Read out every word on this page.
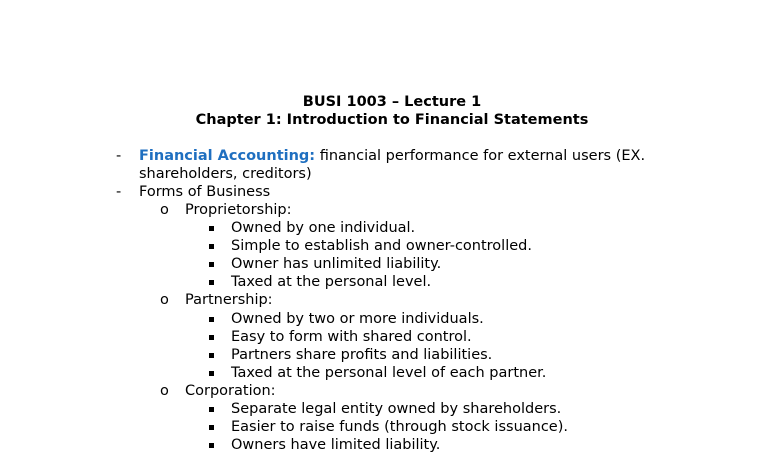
BUSI 1003 – Lecture 1
Chapter 1: Introduction to Financial Statements
- Financial Accounting: financial performance for external users (EX.
shareholders, creditors)
- Forms of Business
o Proprietorship:
Owned by one individual.
Simple to establish and owner-controlled.
Owner has unlimited liability.
Taxed at the personal level.
o Partnership:
Owned by two or more individuals.
Easy to form with shared control.
Partners share profits and liabilities.
Taxed at the personal level of each partner.
o Corporation:
Separate legal entity owned by shareholders.
Easier to raise funds (through stock issuance).
Owners have limited liability.
